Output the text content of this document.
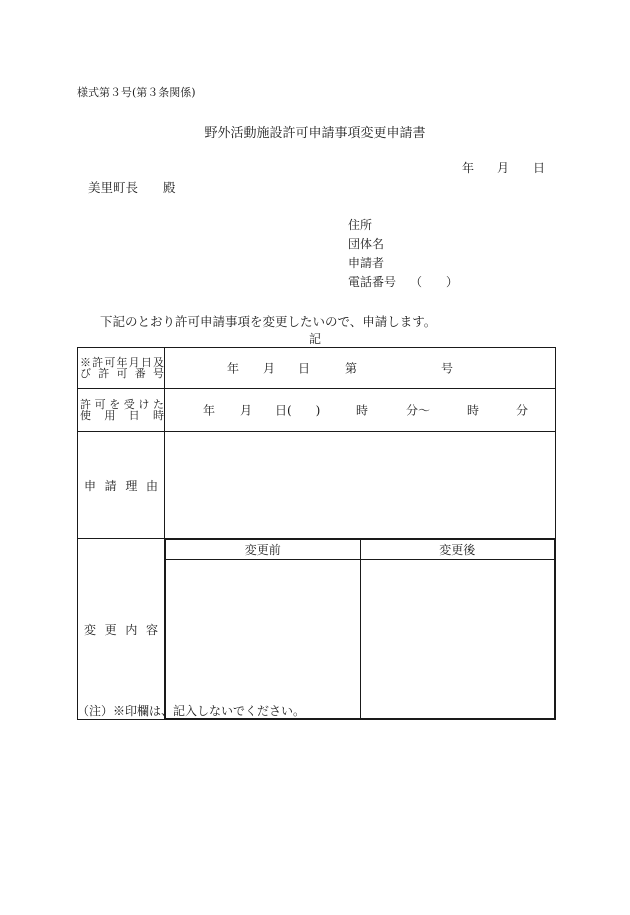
様式第３号(第３条関係)
野外活動施設許可申請事項変更申請書
年 月 日
美里町長　　殿
住所
団体名
申請者
電話番号 （　　）
下記のとおり許可申請事項を変更したいので、申請します。
記
※許可年月日及
び許可番号	年 月 日	第	号

許可を受けた
使用日時	年 月 日(　　)	時	分～	時	分

申請理由	
変更内容	
変更前	変更後

（注）※印欄は、記入しないでください。
